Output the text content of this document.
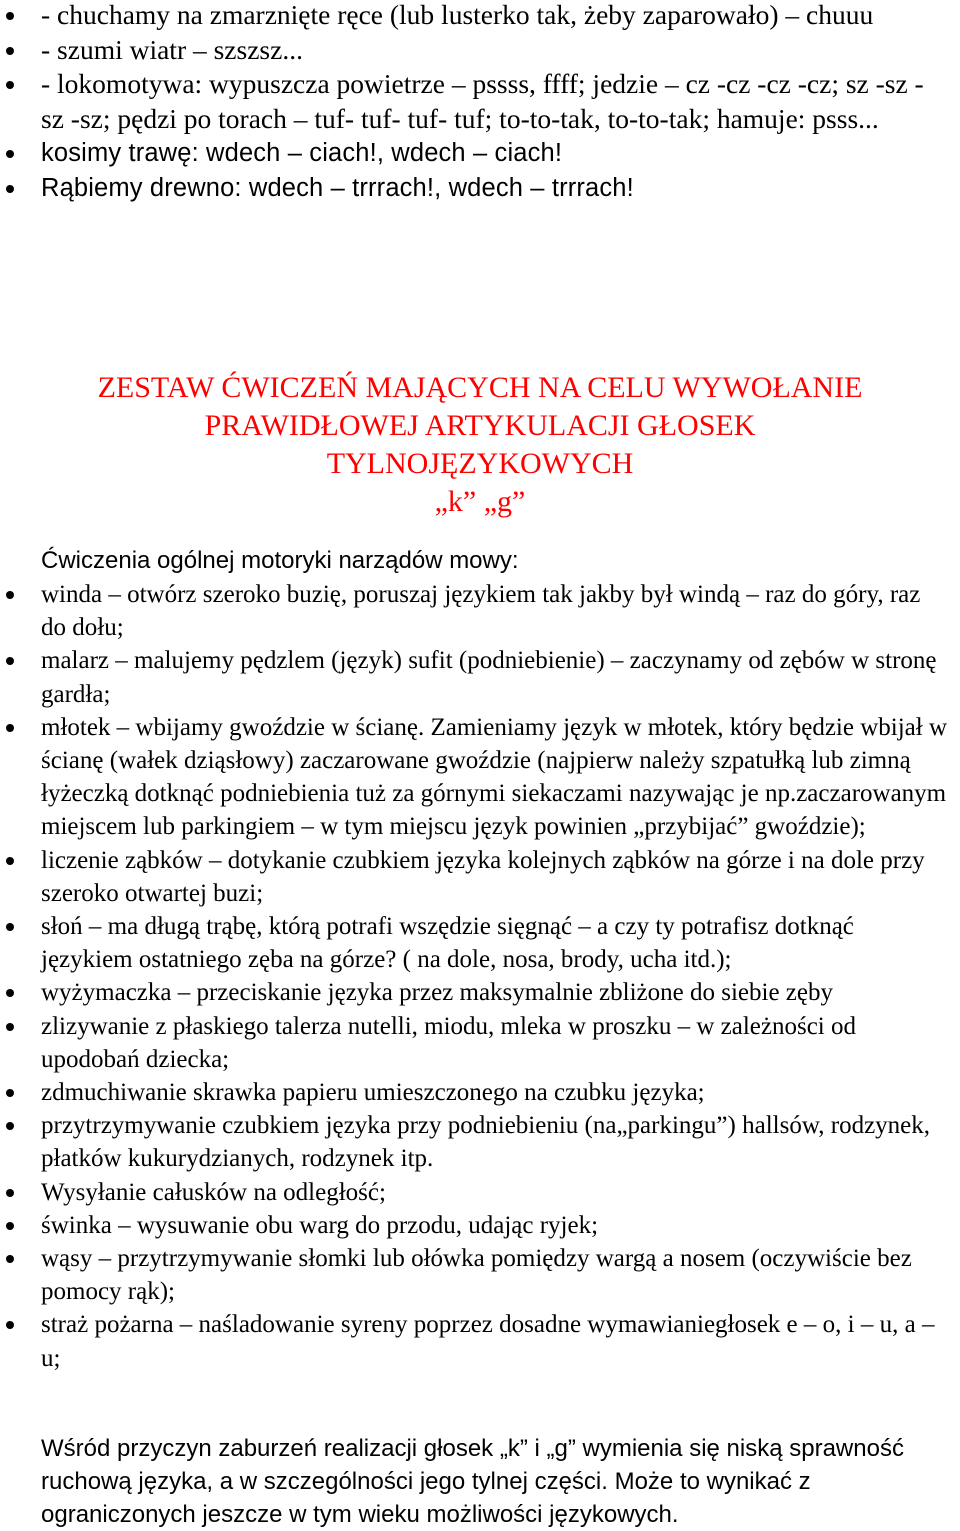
- chuchamy na zmarznięte ręce (lub lusterko tak, żeby zaparowało) – chuuu
- szumi wiatr – szszsz...
- lokomotywa: wypuszcza powietrze – pssss, ffff; jedzie – cz -cz -cz -cz; sz -sz -sz -sz; pędzi po torach – tuf- tuf- tuf- tuf; to-to-tak, to-to-tak; hamuje: psss...
kosimy trawę: wdech – ciach!, wdech – ciach!
Rąbiemy drewno: wdech – trrrach!, wdech – trrrach!
ZESTAW ĆWICZEŃ MAJĄCYCH NA CELU WYWOŁANIE
PRAWIDŁOWEJ ARTYKULACJI GŁOSEK
TYLNOJĘZYKOWYCH
„k” „g”
Ćwiczenia ogólnej motoryki narządów mowy:
winda – otwórz szeroko buzię, poruszaj językiem tak jakby był windą – raz do góry, raz do dołu;
malarz – malujemy pędzlem (język) sufit (podniebienie) – zaczynamy od zębów w stronę gardła;
młotek – wbijamy gwoździe w ścianę. Zamieniamy język w młotek, który będzie wbijał w ścianę (wałek dziąsłowy) zaczarowane gwoździe (najpierw należy szpatułką lub zimną łyżeczką dotknąć podniebienia tuż za górnymi siekaczami nazywając je np.zaczarowanym miejscem lub parkingiem – w tym miejscu język powinien „przybijać” gwoździe);
liczenie ząbków – dotykanie czubkiem języka kolejnych ząbków na górze i na dole przy szeroko otwartej buzi;
słoń – ma długą trąbę, którą potrafi wszędzie sięgnąć – a czy ty potrafisz dotknąć językiem ostatniego zęba na górze? ( na dole, nosa, brody, ucha itd.);
wyżymaczka – przeciskanie języka przez maksymalnie zbliżone do siebie zęby
zlizywanie z płaskiego talerza nutelli, miodu, mleka w proszku – w zależności od upodobań dziecka;
zdmuchiwanie skrawka papieru umieszczonego na czubku języka;
przytrzymywanie czubkiem języka przy podniebieniu (na„parkingu”) hallsów, rodzynek, płatków kukurydzianych, rodzynek itp.
Wysyłanie całusków na odległość;
świnka – wysuwanie obu warg do przodu, udając ryjek;
wąsy – przytrzymywanie słomki lub ołówka pomiędzy wargą a nosem (oczywiście bez pomocy rąk);
straż pożarna – naśladowanie syreny poprzez dosadne wymawianiegłosek e – o, i – u, a – u;
Wśród przyczyn zaburzeń realizacji głosek „k” i „g” wymienia się niską sprawność ruchową języka, a w szczególności jego tylnej części. Może to wynikać z ograniczonych jeszcze w tym wieku możliwości językowych.
